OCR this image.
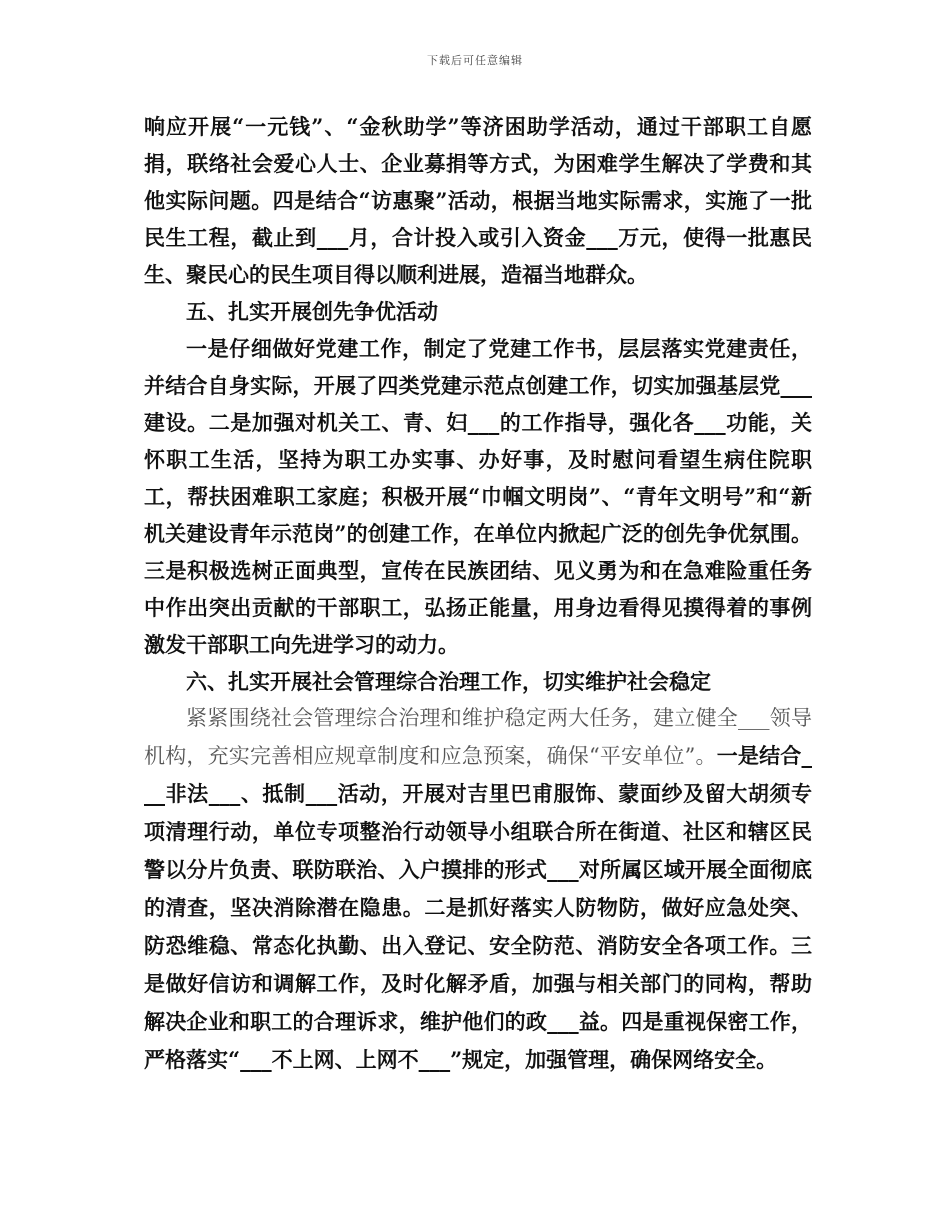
下载后可任意编辑

响应开展“一元钱”、“金秋助学”等济困助学活动，通过干部职工自愿捐，联络社会爱心人士、企业募捐等方式，为困难学生解决了学费和其他实际问题。四是结合“访惠聚”活动，根据当地实际需求，实施了一批民生工程，截止到___月，合计投入或引入资金___万元，使得一批惠民生、聚民心的民生项目得以顺利进展，造福当地群众。

五、扎实开展创先争优活动

一是仔细做好党建工作，制定了党建工作书，层层落实党建责任，并结合自身实际，开展了四类党建示范点创建工作，切实加强基层党___建设。二是加强对机关工、青、妇___的工作指导，强化各___功能，关怀职工生活，坚持为职工办实事、办好事，及时慰问看望生病住院职工，帮扶困难职工家庭；积极开展“巾帼文明岗”、“青年文明号”和“新机关建设青年示范岗”的创建工作，在单位内掀起广泛的创先争优氛围。三是积极选树正面典型，宣传在民族团结、见义勇为和在急难险重任务中作出突出贡献的干部职工，弘扬正能量，用身边看得见摸得着的事例激发干部职工向先进学习的动力。

六、扎实开展社会管理综合治理工作，切实维护社会稳定

紧紧围绕社会管理综合治理和维护稳定两大任务，建立健全___领导机构，充实完善相应规章制度和应急预案，确保“平安单位”。一是结合___非法___、抵制___活动，开展对吉里巴甫服饰、蒙面纱及留大胡须专项清理行动，单位专项整治行动领导小组联合所在街道、社区和辖区民警以分片负责、联防联治、入户摸排的形式___对所属区域开展全面彻底的清查，坚决消除潜在隐患。二是抓好落实人防物防，做好应急处突、防恐维稳、常态化执勤、出入登记、安全防范、消防安全各项工作。三是做好信访和调解工作，及时化解矛盾，加强与相关部门的同构，帮助解决企业和职工的合理诉求，维护他们的政___益。四是重视保密工作，严格落实“___不上网、上网不___”规定，加强管理，确保网络安全。
